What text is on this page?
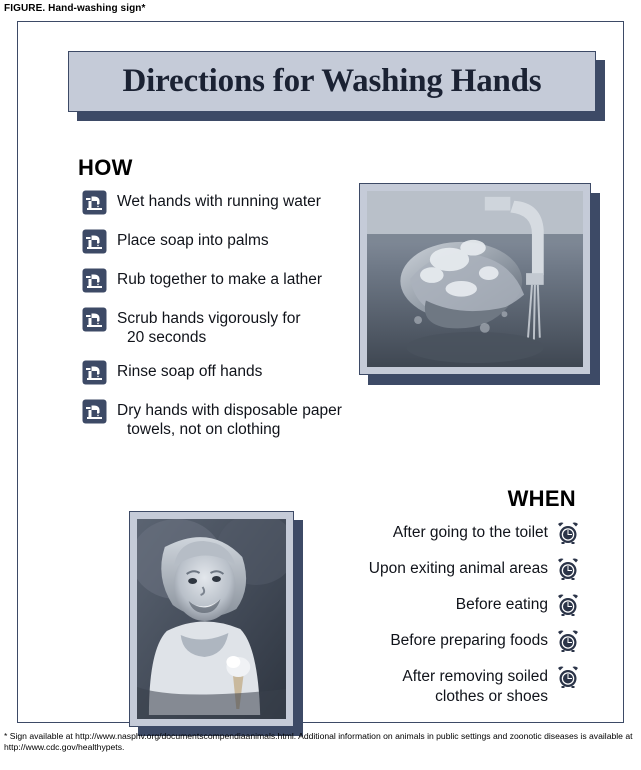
FIGURE. Hand-washing sign*
Directions for Washing Hands
HOW
Wet hands with running water
Place soap into palms
Rub together to make a lather
Scrub hands vigorously for
20 seconds
Rinse soap off hands
Dry hands with disposable paper
towels, not on clothing
WHEN
After going to the toilet
Upon exiting animal areas
Before eating
Before preparing foods
After removing soiled
clothes or shoes
* Sign available at http://www.nasphv.org/documentscompendiaanimals.html. Additional information on animals in public settings and zoonotic diseases is available at http://www.cdc.gov/healthypets.
